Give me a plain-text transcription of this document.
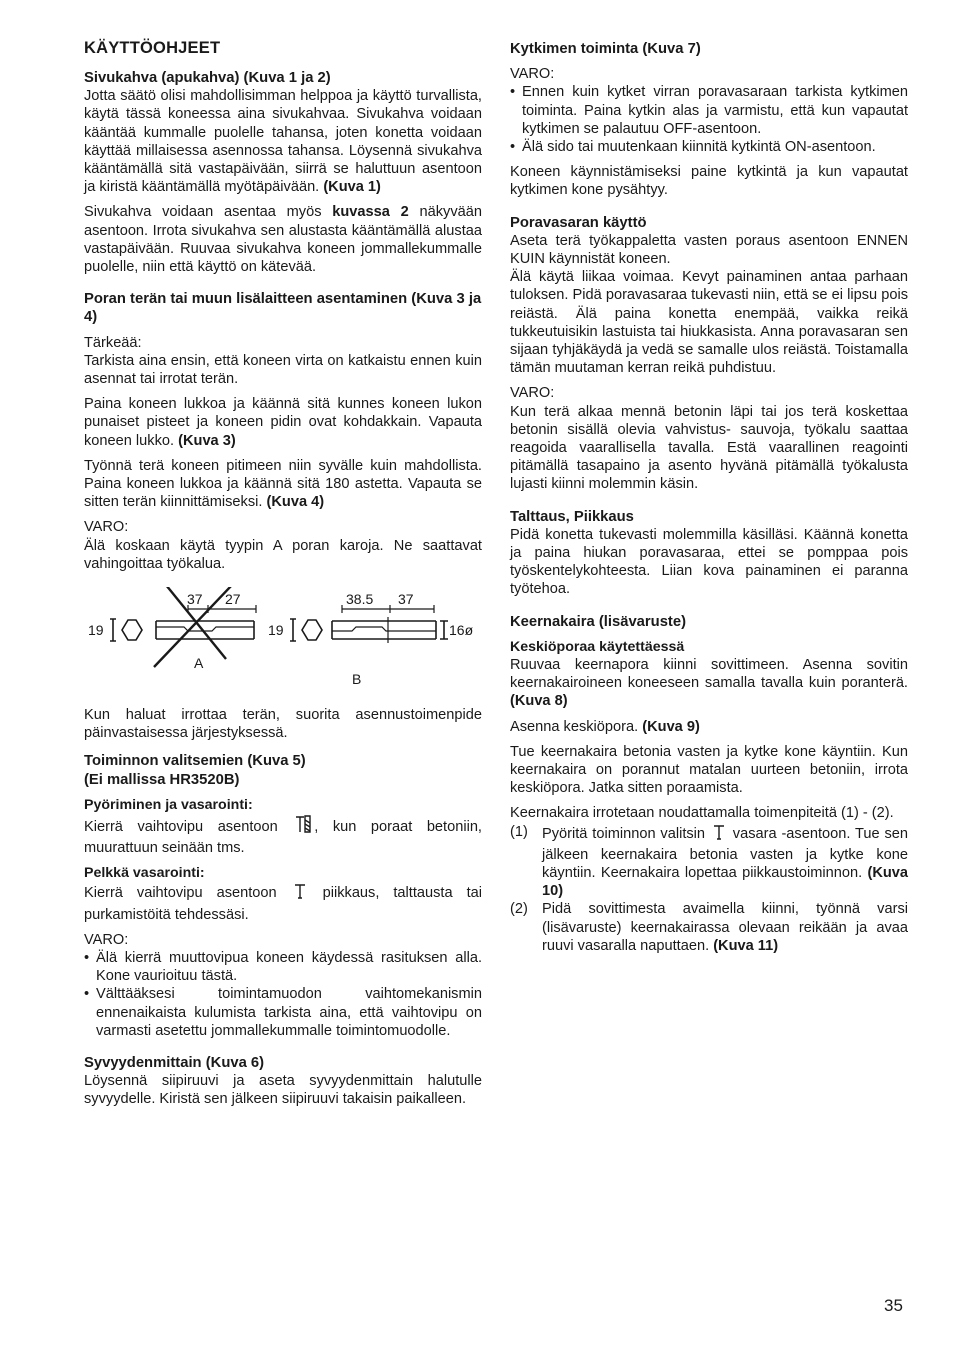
KÄYTTÖOHJEET
Sivukahva (apukahva) (Kuva 1 ja 2)

Jotta säätö olisi mahdollisimman helppoa ja käyttö turvallista, käytä tässä koneessa aina sivukahvaa. Sivukahva voidaan kääntää kummalle puolelle tahansa, joten konetta voidaan käyttää millaisessa asennossa tahansa. Löysennä sivukahva kääntämällä sitä vastapäivään, siirrä se haluttuun asentoon ja kiristä kääntämällä myötäpäivään. (Kuva 1)

Sivukahva voidaan asentaa myös kuvassa 2 näkyvään asentoon. Irrota sivukahva sen alustasta kääntämällä alustaa vastapäivään. Ruuvaa sivukahva koneen jommallekummalle puolelle, niin että käyttö on kätevää.

Poran terän tai muun lisälaitteen asentaminen (Kuva 3 ja 4)

Tärkeää:

Tarkista aina ensin, että koneen virta on katkaistu ennen kuin asennat tai irrotat terän.

Paina koneen lukkoa ja käännä sitä kunnes koneen lukon punaiset pisteet ja koneen pidin ovat kohdakkain. Vapauta koneen lukko. (Kuva 3)

Työnnä terä koneen pitimeen niin syvälle kuin mahdollista. Paina koneen lukkoa ja käännä sitä 180 astetta. Vapauta se sitten terän kiinnittämiseksi. (Kuva 4)

VARO:

Älä koskaan käytä tyypin A poran karoja. Ne saattavat vahingoittaa työkalua.

19
37 27
A
19
38.5 37
16ø
B

Kun haluat irrottaa terän, suorita asennustoimenpide päinvastaisessa järjestyksessä.

Toiminnon valitsemien (Kuva 5)
(Ei mallissa HR3520B)
Pyöriminen ja vasarointi:

Kierrä vaihtovipu asentoon	, kun poraat betoniin, muurattuun seinään tms.

Pelkkä vasarointi:

Kierrä vaihtovipu asentoon	piikkaus, talttausta tai purkamistöitä tehdessäsi.

VARO:

• Älä kierrä muuttovipua koneen käydessä rasituksen alla. Kone vaurioituu tästä.
• Välttääksesi toimintamuodon vaihtomekanismin ennenaikaista kulumista tarkista aina, että vaihtovipu on varmasti asetettu jommallekummalle toimintomuodolle.
Syvyydenmittain (Kuva 6)

Löysennä siipiruuvi ja aseta syvyydenmittain halutulle syvyydelle. Kiristä sen jälkeen siipiruuvi takaisin paikalleen.

Kytkimen toiminta (Kuva 7)

VARO:

• Ennen kuin kytket virran poravasaraan tarkista kytkimen toiminta. Paina kytkin alas ja varmistu, että kun vapautat kytkimen se palautuu OFF-asentoon.
• Älä sido tai muutenkaan kiinnitä kytkintä ON-asentoon.

Koneen käynnistämiseksi paine kytkintä ja kun vapautat kytkimen kone pysähtyy.

Poravasaran käyttö

Aseta terä työkappaletta vasten poraus asentoon ENNEN KUIN käynnistät koneen.

Älä käytä liikaa voimaa. Kevyt painaminen antaa parhaan tuloksen. Pidä poravasaraa tukevasti niin, että se ei lipsu pois reiästä. Älä paina konetta enempää, vaikka reikä tukkeutuisikin lastuista tai hiukkasista. Anna poravasaran sen sijaan tyhjäkäydä ja vedä se samalle ulos reiästä. Toistamalla tämän muutaman kerran reikä puhdistuu.

VARO:

Kun terä alkaa mennä betonin läpi tai jos terä koskettaa betonin sisällä olevia vahvistus- sauvoja, työkalu saattaa reagoida vaarallisella tavalla. Estä vaarallinen reagointi pitämällä tasapaino ja asento hyvänä pitämällä työkalusta lujasti kiinni molemmin käsin.

Talttaus, Piikkaus

Pidä konetta tukevasti molemmilla käsilläsi. Käännä konetta ja paina hiukan poravasaraa, ettei se pomppaa pois työskentelykohteesta. Liian kova painaminen ei paranna työtehoa.

Keernakaira (lisävaruste)
Keskiöporaa käytettäessä

Ruuvaa keernapora kiinni sovittimeen. Asenna sovitin keernakairoineen koneeseen samalla tavalla kuin poranterä. (Kuva 8)

Asenna keskiöpora. (Kuva 9)

Tue keernakaira betonia vasten ja kytke kone käyntiin. Kun keernakaira on porannut matalan uurteen betoniin, irrota keskiöpora. Jatka sitten poraamista.

Keernakaira irrotetaan noudattamalla toimenpiteitä (1) - (2).

(1) Pyöritä toiminnon valitsin vasara -asentoon. Tue sen jälkeen keernakaira betonia vasten ja kytke kone käyntiin. Keernakaira lopettaa piikkaustoiminnon. (Kuva 10)
(2) Pidä sovittimesta avaimella kiinni, työnnä varsi (lisävaruste) keernakairassa olevaan reikään ja avaa ruuvi vasaralla naputtaen. (Kuva 11)
35
